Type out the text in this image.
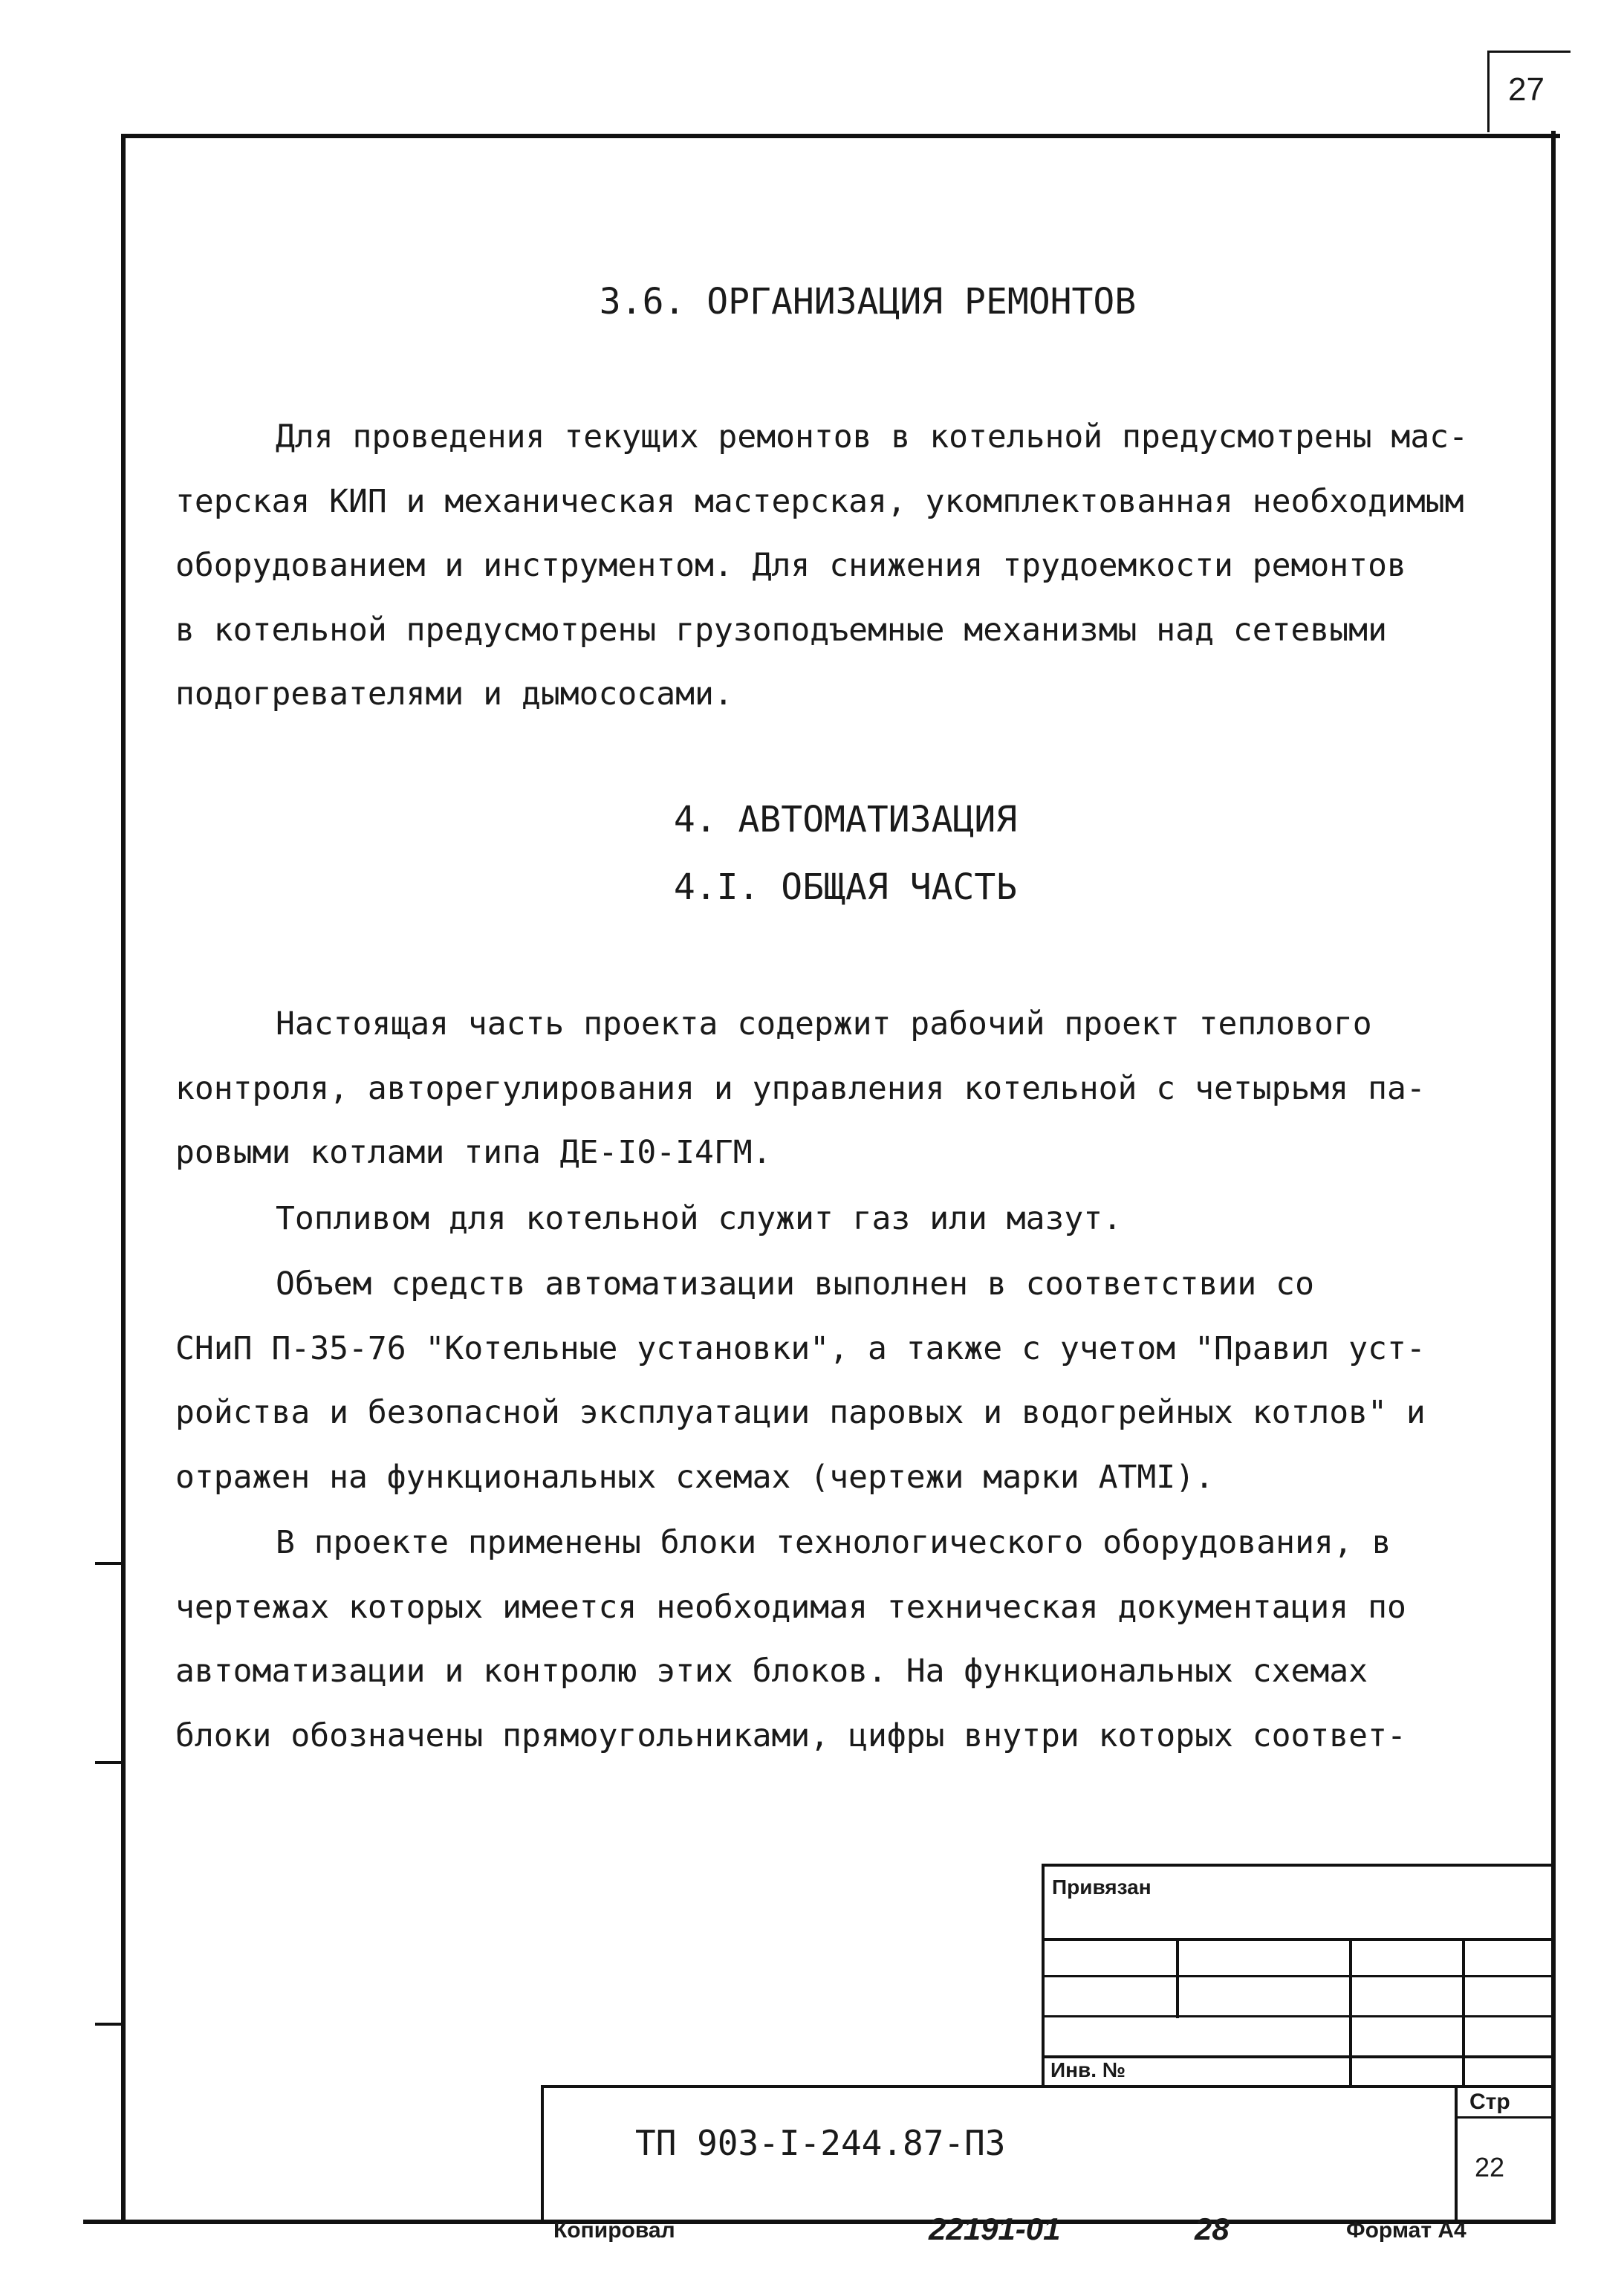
27
3.6. ОРГАНИЗАЦИЯ РЕМОНТОВ
Для проведения текущих ремонтов в котельной предусмотрены мас-
терская КИП и механическая мастерская, укомплектованная необходимым
оборудованием и инструментом. Для снижения трудоемкости ремонтов
в котельной предусмотрены грузоподъемные механизмы над сетевыми
подогревателями и дымососами.
4. АВТОМАТИЗАЦИЯ
4.I. ОБЩАЯ ЧАСТЬ
Настоящая часть проекта содержит рабочий проект теплового
контроля, авторегулирования и управления котельной с четырьмя па-
ровыми котлами типа ДЕ-I0-I4ГМ.
Топливом для котельной служит газ или мазут.
Объем средств автоматизации выполнен в соответствии со
СНиП П-35-76 "Котельные установки", а также с учетом "Правил уст-
ройства и безопасной эксплуатации паровых и водогрейных котлов" и
отражен на функциональных схемах (чертежи марки АТМI).
В проекте применены блоки технологического оборудования, в
чертежах которых имеется необходимая техническая документация по
автоматизации и контролю этих блоков. На функциональных схемах
блоки обозначены прямоугольниками, цифры внутри которых соответ-
Привязан
Инв. №
ТП 903-I-244.87-ПЗ
Стр
22
Копировал	22191-01	28	Формат А4
